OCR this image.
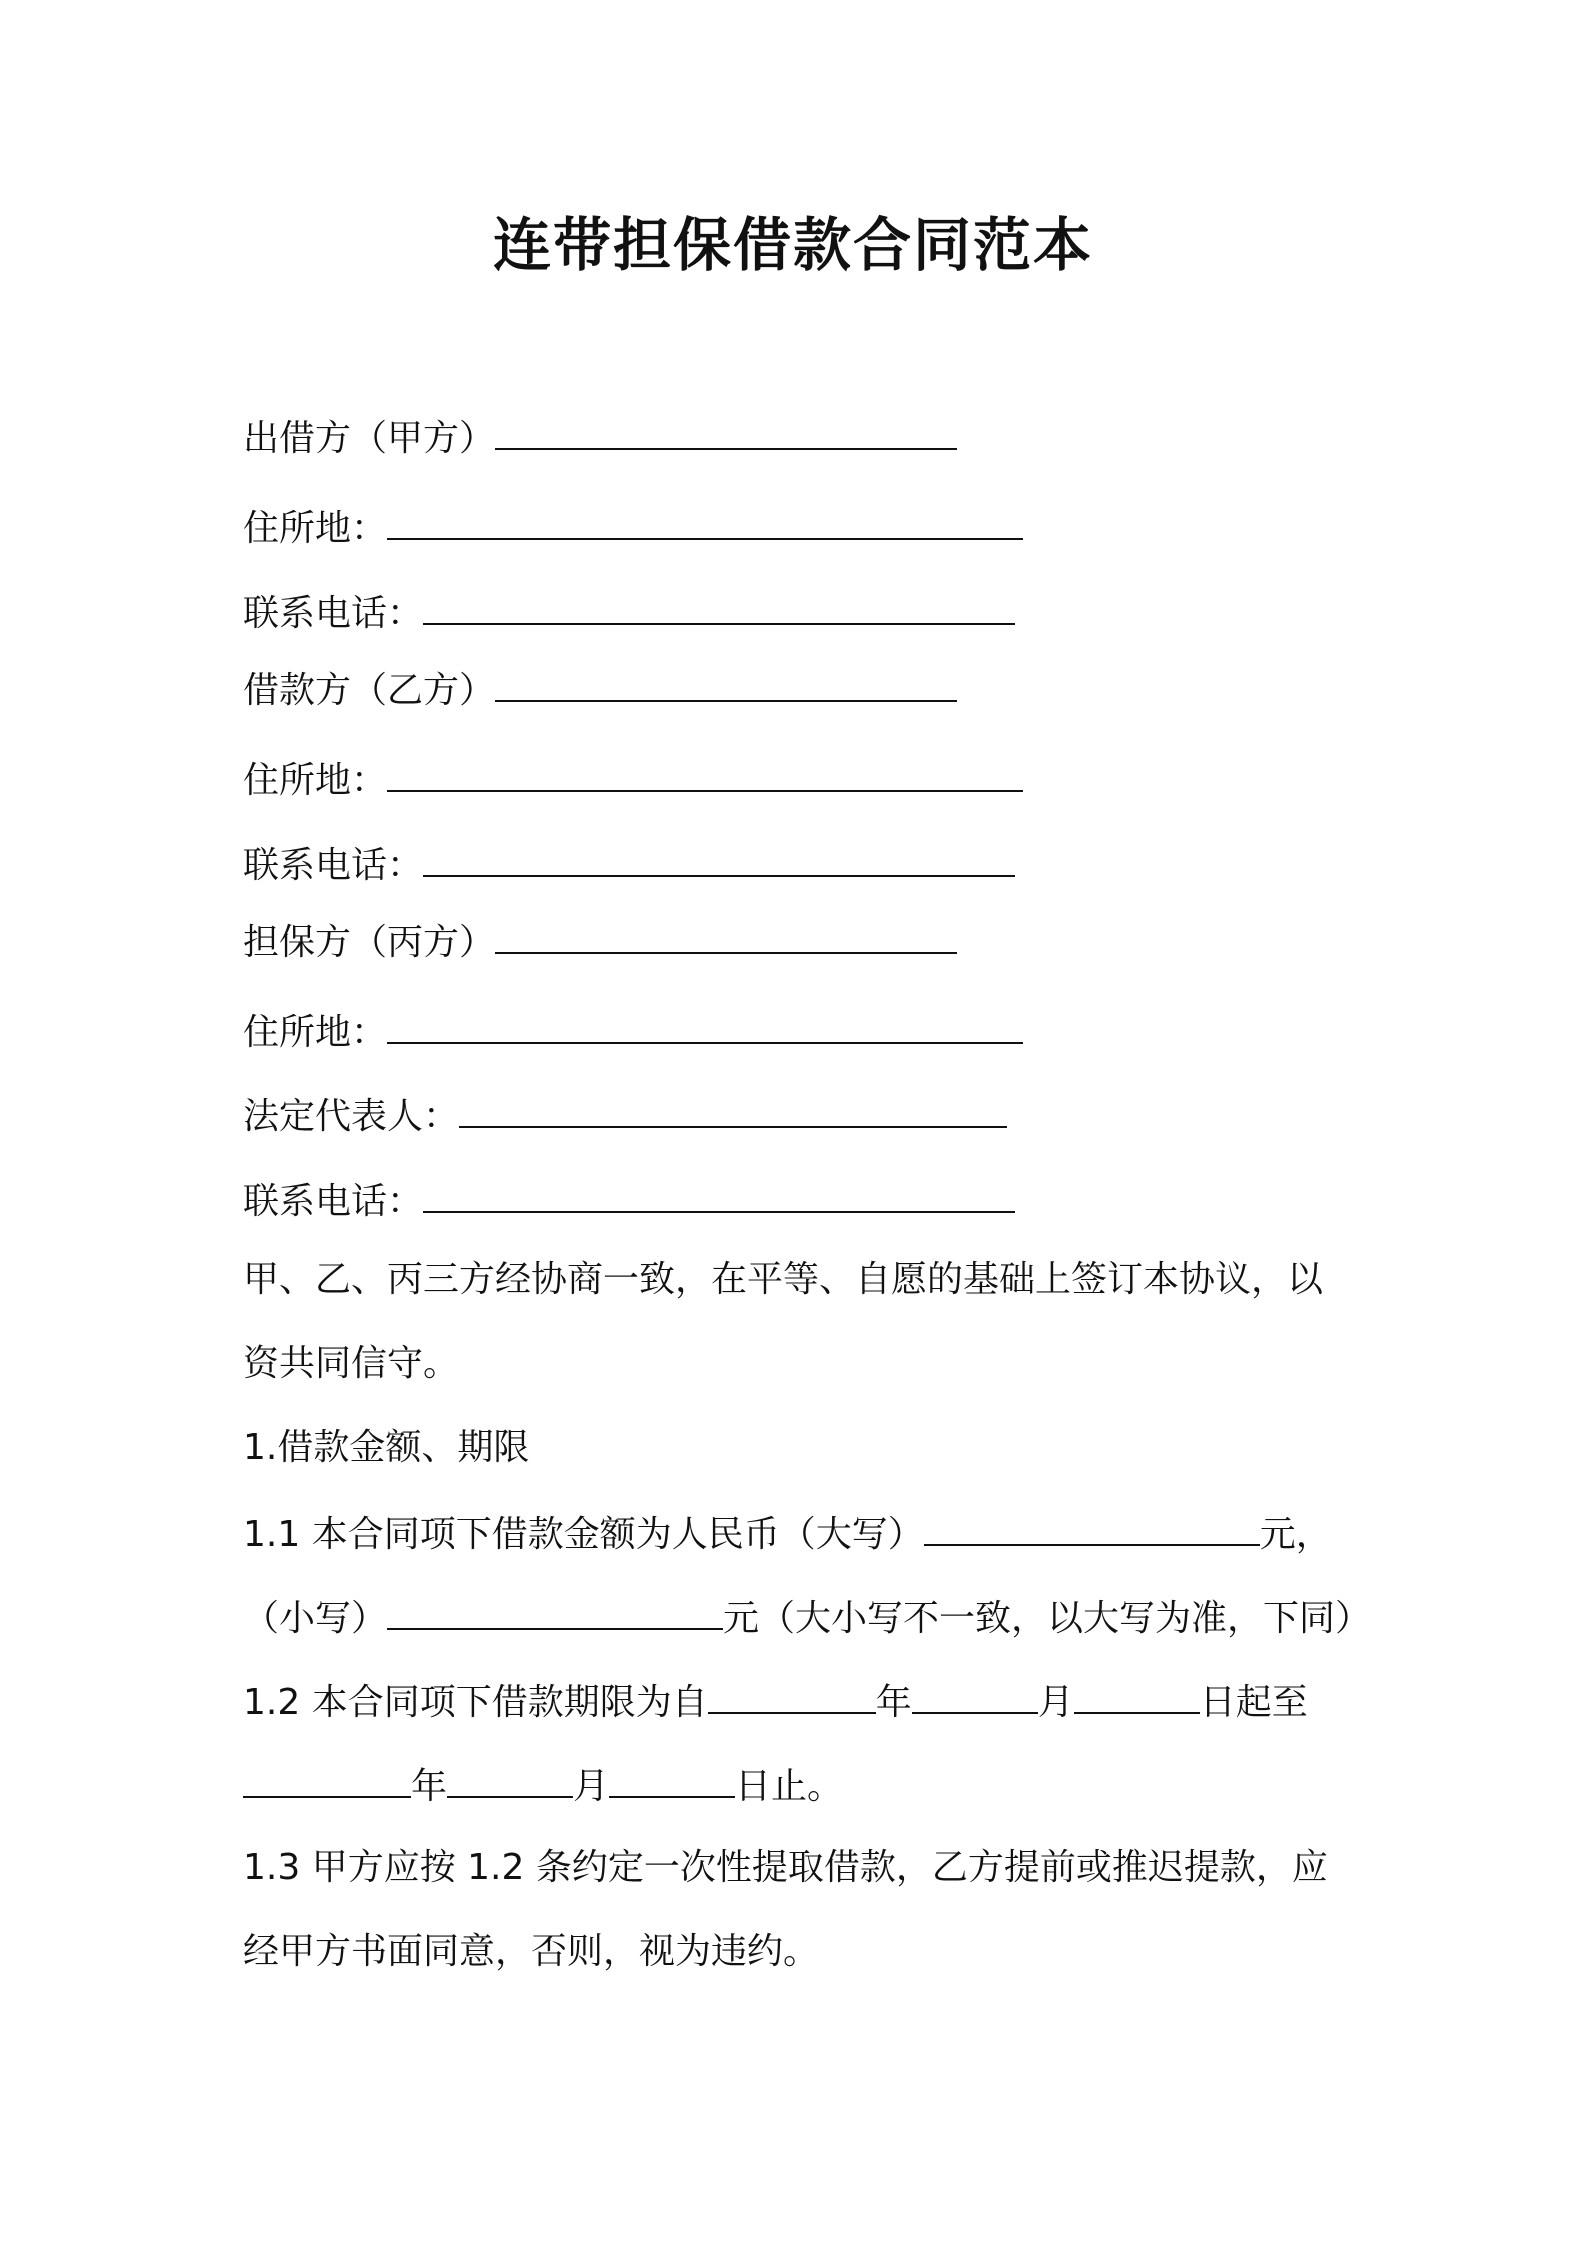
连带担保借款合同范本
出借方（甲方）
住所地：
联系电话：
借款方（乙方）
住所地：
联系电话：
担保方（丙方）
住所地：
法定代表人：
联系电话：
甲、乙、丙三方经协商一致，在平等、自愿的基础上签订本协议，以
资共同信守。
1.借款金额、期限
1.1 本合同项下借款金额为人民币（大写）	元，
（小写）	元（大小写不一致，以大写为准，下同）
1.2 本合同项下借款期限为自	年	月	日起至
年	月	日止。
1.3 甲方应按 1.2 条约定一次性提取借款，乙方提前或推迟提款，应
经甲方书面同意，否则，视为违约。
